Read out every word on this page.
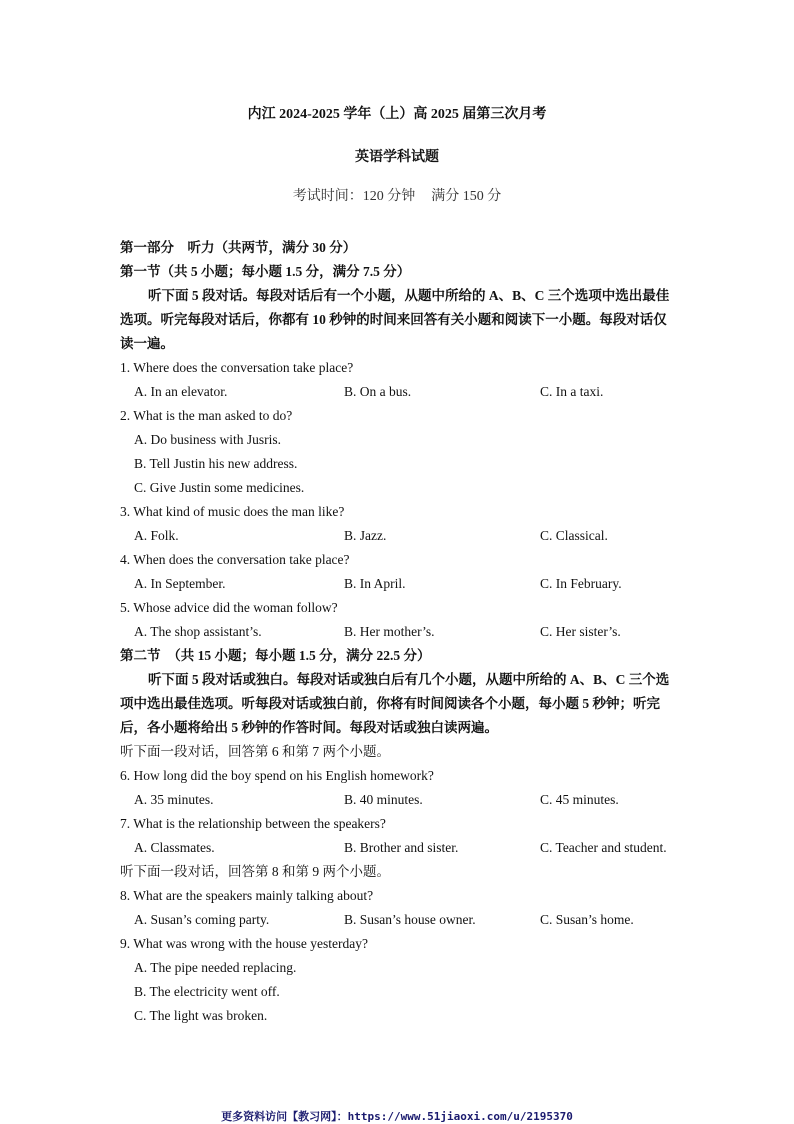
内江 2024-2025 学年（上）高 2025 届第三次月考
英语学科试题
考试时间：120 分钟 满分 150 分
第一部分　听力（共两节，满分 30 分）
第一节（共 5 小题；每小题 1.5 分，满分 7.5 分）
听下面 5 段对话。每段对话后有一个小题，从题中所给的 A、B、C 三个选项中选出最佳选项。听完每段对话后，你都有 10 秒钟的时间来回答有关小题和阅读下一小题。每段对话仅读一遍。
1. Where does the conversation take place?
A. In an elevator.	B. On a bus.	C. In a taxi.
2. What is the man asked to do?
A. Do business with Jusris.
B. Tell Justin his new address.
C. Give Justin some medicines.
3. What kind of music does the man like?
A. Folk.	B. Jazz.	C. Classical.
4. When does the conversation take place?
A. In September.	B. In April.	C. In February.
5. Whose advice did the woman follow?
A. The shop assistant’s.	B. Her mother’s.	C. Her sister’s.
第二节　（共 15 小题；每小题 1.5 分，满分 22.5 分）
听下面 5 段对话或独白。每段对话或独白后有几个小题，从题中所给的 A、B、C 三个选项中选出最佳选项。听每段对话或独白前，你将有时间阅读各个小题，每小题 5 秒钟；听完后，各小题将给出 5 秒钟的作答时间。每段对话或独白读两遍。
听下面一段对话，回答第 6 和第 7 两个小题。
6. How long did the boy spend on his English homework?
A. 35 minutes.	B. 40 minutes.	C. 45 minutes.
7. What is the relationship between the speakers?
A. Classmates.	B. Brother and sister.	C. Teacher and student.
听下面一段对话，回答第 8 和第 9 两个小题。
8. What are the speakers mainly talking about?
A. Susan’s coming party.	B. Susan’s house owner.	C. Susan’s home.
9. What was wrong with the house yesterday?
A. The pipe needed replacing.
B. The electricity went off.
C. The light was broken.
更多资料访问【教习网】：https://www.51jiaoxi.com/u/2195370
